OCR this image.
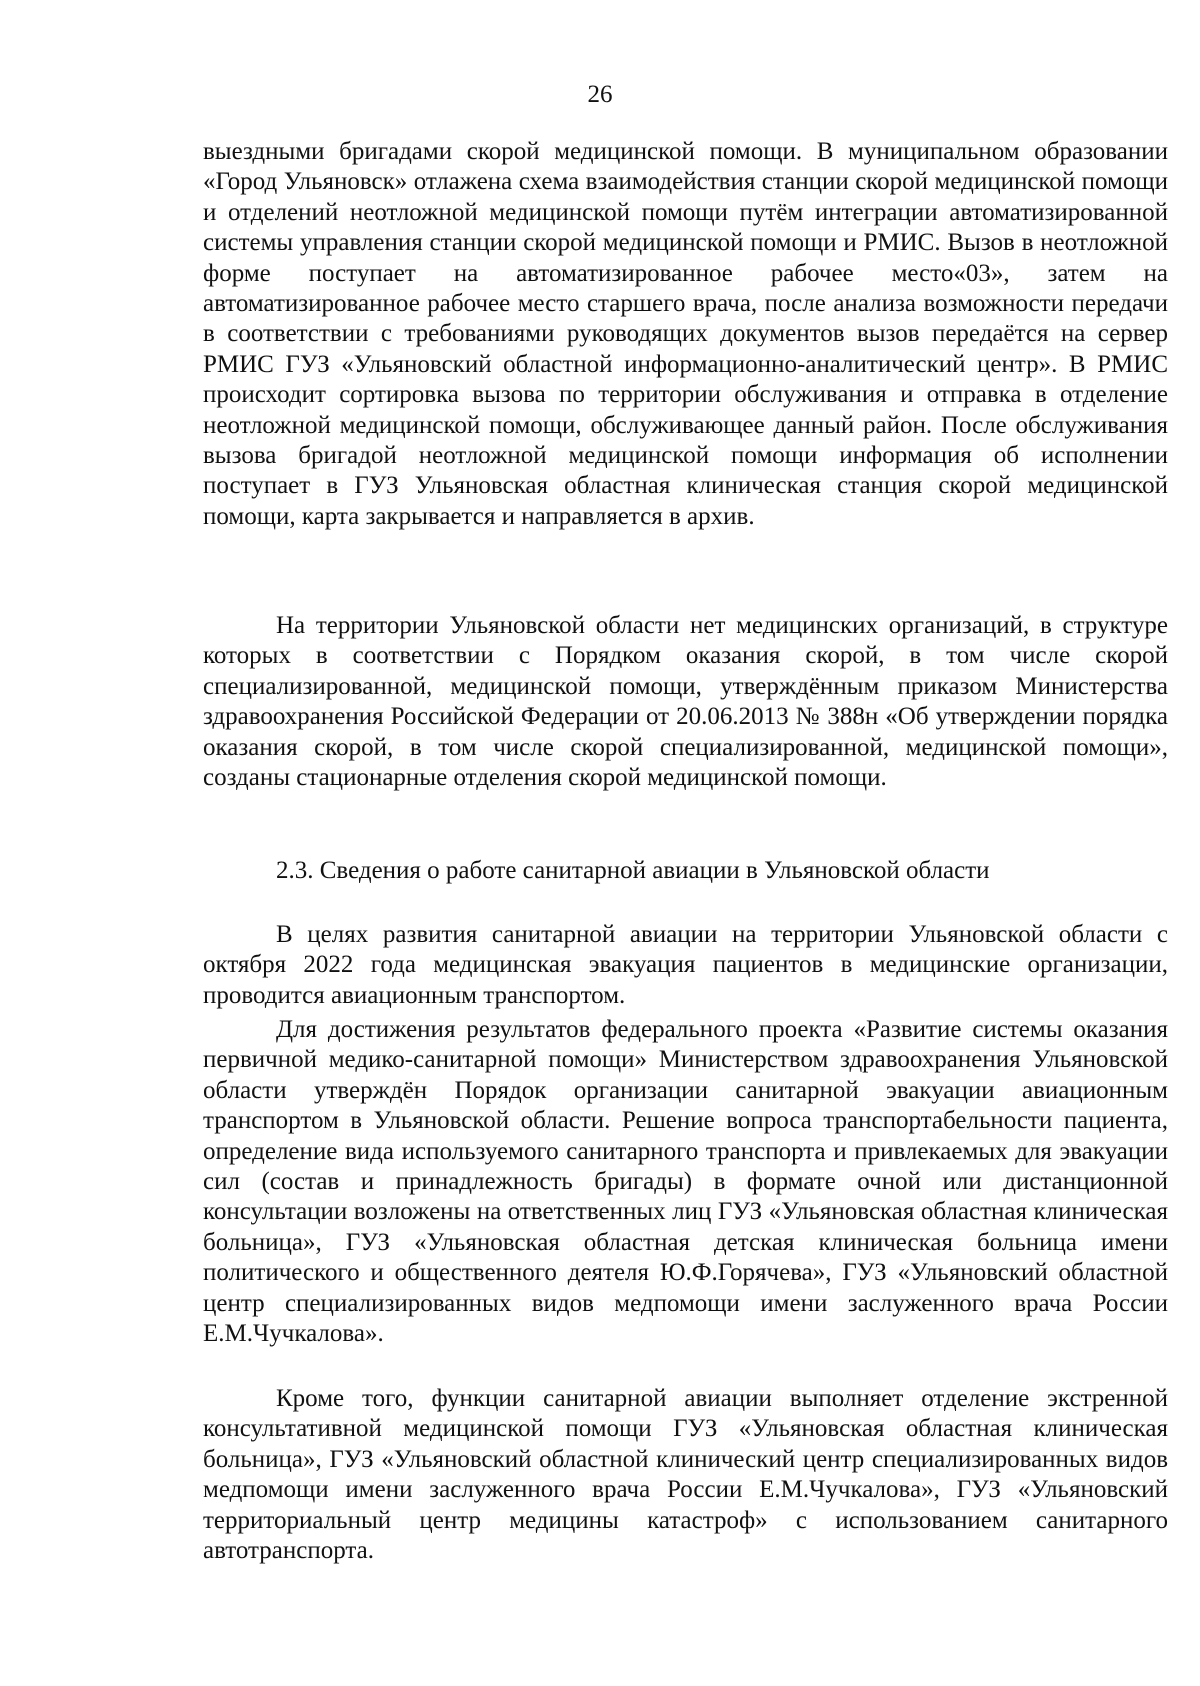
26

выездными бригадами скорой медицинской помощи. В муниципальном образовании «Город Ульяновск» отлажена схема взаимодействия станции скорой медицинской помощи и отделений неотложной медицинской помощи путём интеграции автоматизированной системы управления станции скорой медицинской помощи и РМИС. Вызов в неотложной форме поступает на автоматизированное рабочее место«03», затем на автоматизированное рабочее место старшего врача, после анализа возможности передачи в соответствии с требованиями руководящих документов вызов передаётся на сервер РМИС ГУЗ «Ульяновский областной информационно-аналитический центр». В РМИС происходит сортировка вызова по территории обслуживания и отправка в отделение неотложной медицинской помощи, обслуживающее данный район. После обслуживания вызова бригадой неотложной медицинской помощи информация об исполнении поступает в ГУЗ Ульяновская областная клиническая станция скорой медицинской помощи, карта закрывается и направляется в архив.

На территории Ульяновской области нет медицинских организаций, в структуре которых в соответствии с Порядком оказания скорой, в том числе скорой специализированной, медицинской помощи, утверждённым приказом Министерства здравоохранения Российской Федерации от 20.06.2013 № 388н «Об утверждении порядка оказания скорой, в том числе скорой специализированной, медицинской помощи», созданы стационарные отделения скорой медицинской помощи.

2.3. Сведения о работе санитарной авиации в Ульяновской области

В целях развития санитарной авиации на территории Ульяновской области с октября 2022 года медицинская эвакуация пациентов в медицинские организации, проводится авиационным транспортом.

Для достижения результатов федерального проекта «Развитие системы оказания первичной медико-санитарной помощи» Министерством здравоохранения Ульяновской области утверждён Порядок организации санитарной эвакуации авиационным транспортом в Ульяновской области. Решение вопроса транспортабельности пациента, определение вида используемого санитарного транспорта и привлекаемых для эвакуации сил (состав и принадлежность бригады) в формате очной или дистанционной консультации возложены на ответственных лиц ГУЗ «Ульяновская областная клиническая больница», ГУЗ «Ульяновская областная детская клиническая больница имени политического и общественного деятеля Ю.Ф.Горячева», ГУЗ «Ульяновский областной центр специализированных видов медпомощи имени заслуженного врача России Е.М.Чучкалова».

Кроме того, функции санитарной авиации выполняет отделение экстренной консультативной медицинской помощи ГУЗ «Ульяновская областная клиническая больница», ГУЗ «Ульяновский областной клинический центр специализированных видов медпомощи имени заслуженного врача России Е.М.Чучкалова», ГУЗ «Ульяновский территориальный центр медицины катастроф» с использованием санитарного автотранспорта.
